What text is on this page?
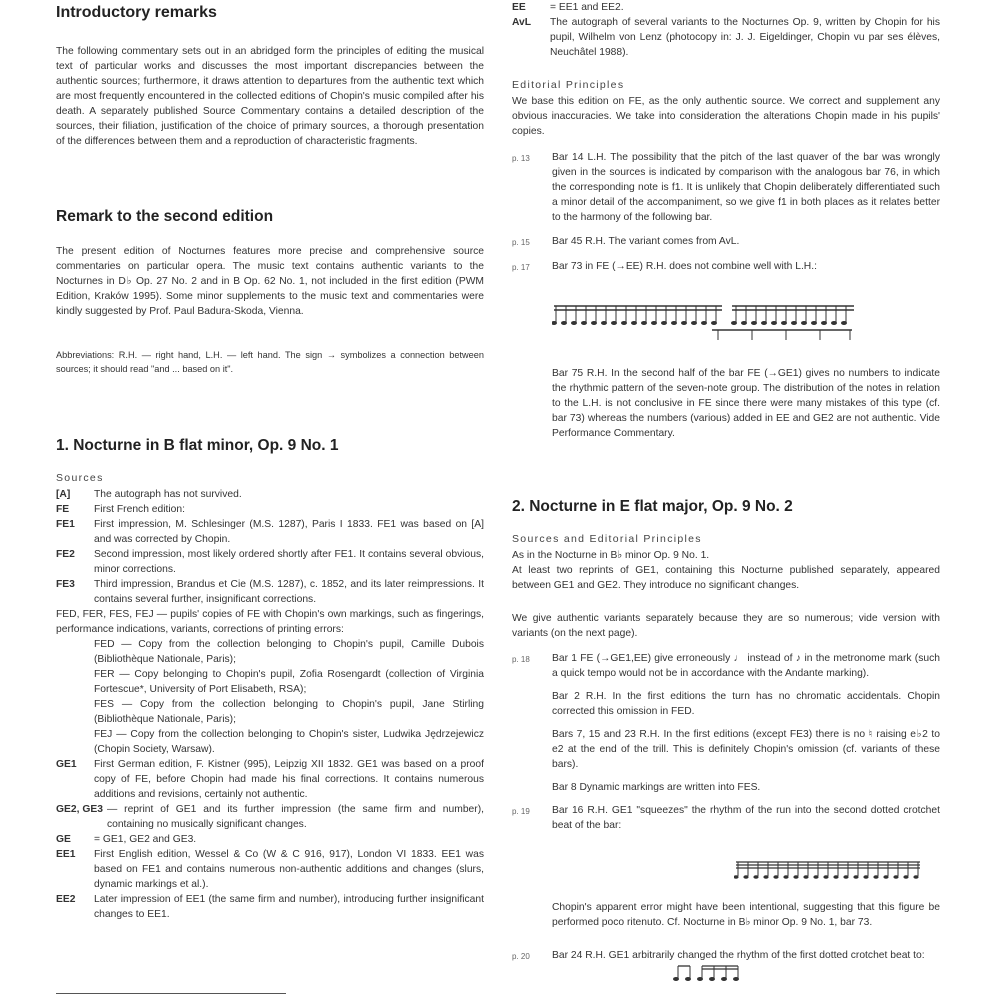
Introductory remarks

The following commentary sets out in an abridged form the principles of editing the musical text of particular works and discusses the most important discrepancies between the authentic sources; furthermore, it draws attention to departures from the authentic text which are most frequently encountered in the collected editions of Chopin's music compiled after his death. A separately published Source Commentary contains a detailed description of the sources, their filiation, justification of the choice of primary sources, a thorough presentation of the differences between them and a reproduction of characteristic fragments.

Remark to the second edition

The present edition of Nocturnes features more precise and comprehensive source commentaries on particular opera. The music text contains authentic variants to the Nocturnes in D♭ Op. 27 No. 2 and in B Op. 62 No. 1, not included in the first edition (PWM Edition, Kraków 1995). Some minor supplements to the music text and commentaries were kindly suggested by Prof. Paul Badura-Skoda, Vienna.

Abbreviations: R.H. — right hand, L.H. — left hand. The sign → symbolizes a connection between sources; it should read "and ... based on it".

1. Nocturne in B flat minor, Op. 9 No. 1

Sources

[A]	The autograph has not survived.
FE	First French edition:
FE1	First impression, M. Schlesinger (M.S. 1287), Paris I 1833. FE1 was based on [A] and was corrected by Chopin.
FE2	Second impression, most likely ordered shortly after FE1. It contains several obvious, minor corrections.
FE3	Third impression, Brandus et Cie (M.S. 1287), c. 1852, and its later reimpressions. It contains several further, insignificant corrections.

FED, FER, FES, FEJ — pupils' copies of FE with Chopin's own markings, such as fingerings, performance indications, variants, corrections of printing errors:

FED — Copy from the collection belonging to Chopin's pupil, Camille Dubois (Bibliothèque Nationale, Paris);
FER — Copy belonging to Chopin's pupil, Zofia Rosengardt (collection of Virginia Fortescue*, University of Port Elisabeth, RSA);
FES — Copy from the collection belonging to Chopin's pupil, Jane Stirling (Bibliothèque Nationale, Paris);
FEJ — Copy from the collection belonging to Chopin's sister, Ludwika Jędrzejewicz (Chopin Society, Warsaw).
GE1	First German edition, F. Kistner (995), Leipzig XII 1832. GE1 was based on a proof copy of FE, before Chopin had made his final corrections. It contains numerous additions and revisions, certainly not authentic.
GE2, GE3 — reprint of GE1 and its further impression (the same firm and number), containing no musically significant changes.
GE	= GE1, GE2 and GE3.
EE1	First English edition, Wessel & Co (W & C 916, 917), London VI 1833. EE1 was based on FE1 and contains numerous non-authentic additions and changes (slurs, dynamic markings et al.).
EE2	Later impression of EE1 (the same firm and number), introducing further insignificant changes to EE1.
EE	= EE1 and EE2.
AvL	The autograph of several variants to the Nocturnes Op. 9, written by Chopin for his pupil, Wilhelm von Lenz (photocopy in: J. J. Eigeldinger, Chopin vu par ses élèves, Neuchâtel 1988).

Editorial Principles

We base this edition on FE, as the only authentic source. We correct and supplement any obvious inaccuracies. We take into consideration the alterations Chopin made in his pupils' copies.

p. 13	Bar 14 L.H. The possibility that the pitch of the last quaver of the bar was wrongly given in the sources is indicated by comparison with the analogous bar 76, in which the corresponding note is f1. It is unlikely that Chopin deliberately differentiated such a minor detail of the accompaniment, so we give f1 in both places as it relates better to the harmony of the following bar.
p. 15	Bar 45 R.H. The variant comes from AvL.
p. 17	Bar 73 in FE (→EE) R.H. does not combine well with L.H.:

Bar 75 R.H. In the second half of the bar FE (→GE1) gives no numbers to indicate the rhythmic pattern of the seven-note group. The distribution of the notes in relation to the L.H. is not conclusive in FE since there were many mistakes of this type (cf. bar 73) whereas the numbers (various) added in EE and GE2 are not authentic. Vide Performance Commentary.

2. Nocturne in E flat major, Op. 9 No. 2

Sources and Editorial Principles

As in the Nocturne in B♭ minor Op. 9 No. 1.

At least two reprints of GE1, containing this Nocturne published separately, appeared between GE1 and GE2. They introduce no significant changes.

We give authentic variants separately because they are so numerous; vide version with variants (on the next page).

p. 18	Bar 1 FE (→GE1,EE) give erroneously ♩ instead of ♪ in the metronome mark (such a quick tempo would not be in accordance with the Andante marking).
Bar 2 R.H. In the first editions the turn has no chromatic accidentals. Chopin corrected this omission in FED.
Bars 7, 15 and 23 R.H. In the first editions (except FE3) there is no ♮ raising e♭2 to e2 at the end of the trill. This is definitely Chopin's omission (cf. variants of these bars).
Bar 8 Dynamic markings are written into FES.
p. 19	Bar 16 R.H. GE1 "squeezes" the rhythm of the run into the second dotted crotchet beat of the bar:

Chopin's apparent error might have been intentional, suggesting that this figure be performed poco ritenuto. Cf. Nocturne in B♭ minor Op. 9 No. 1, bar 73.

p. 20	Bar 24 R.H. GE1 arbitrarily changed the rhythm of the first dotted crotchet beat to:
